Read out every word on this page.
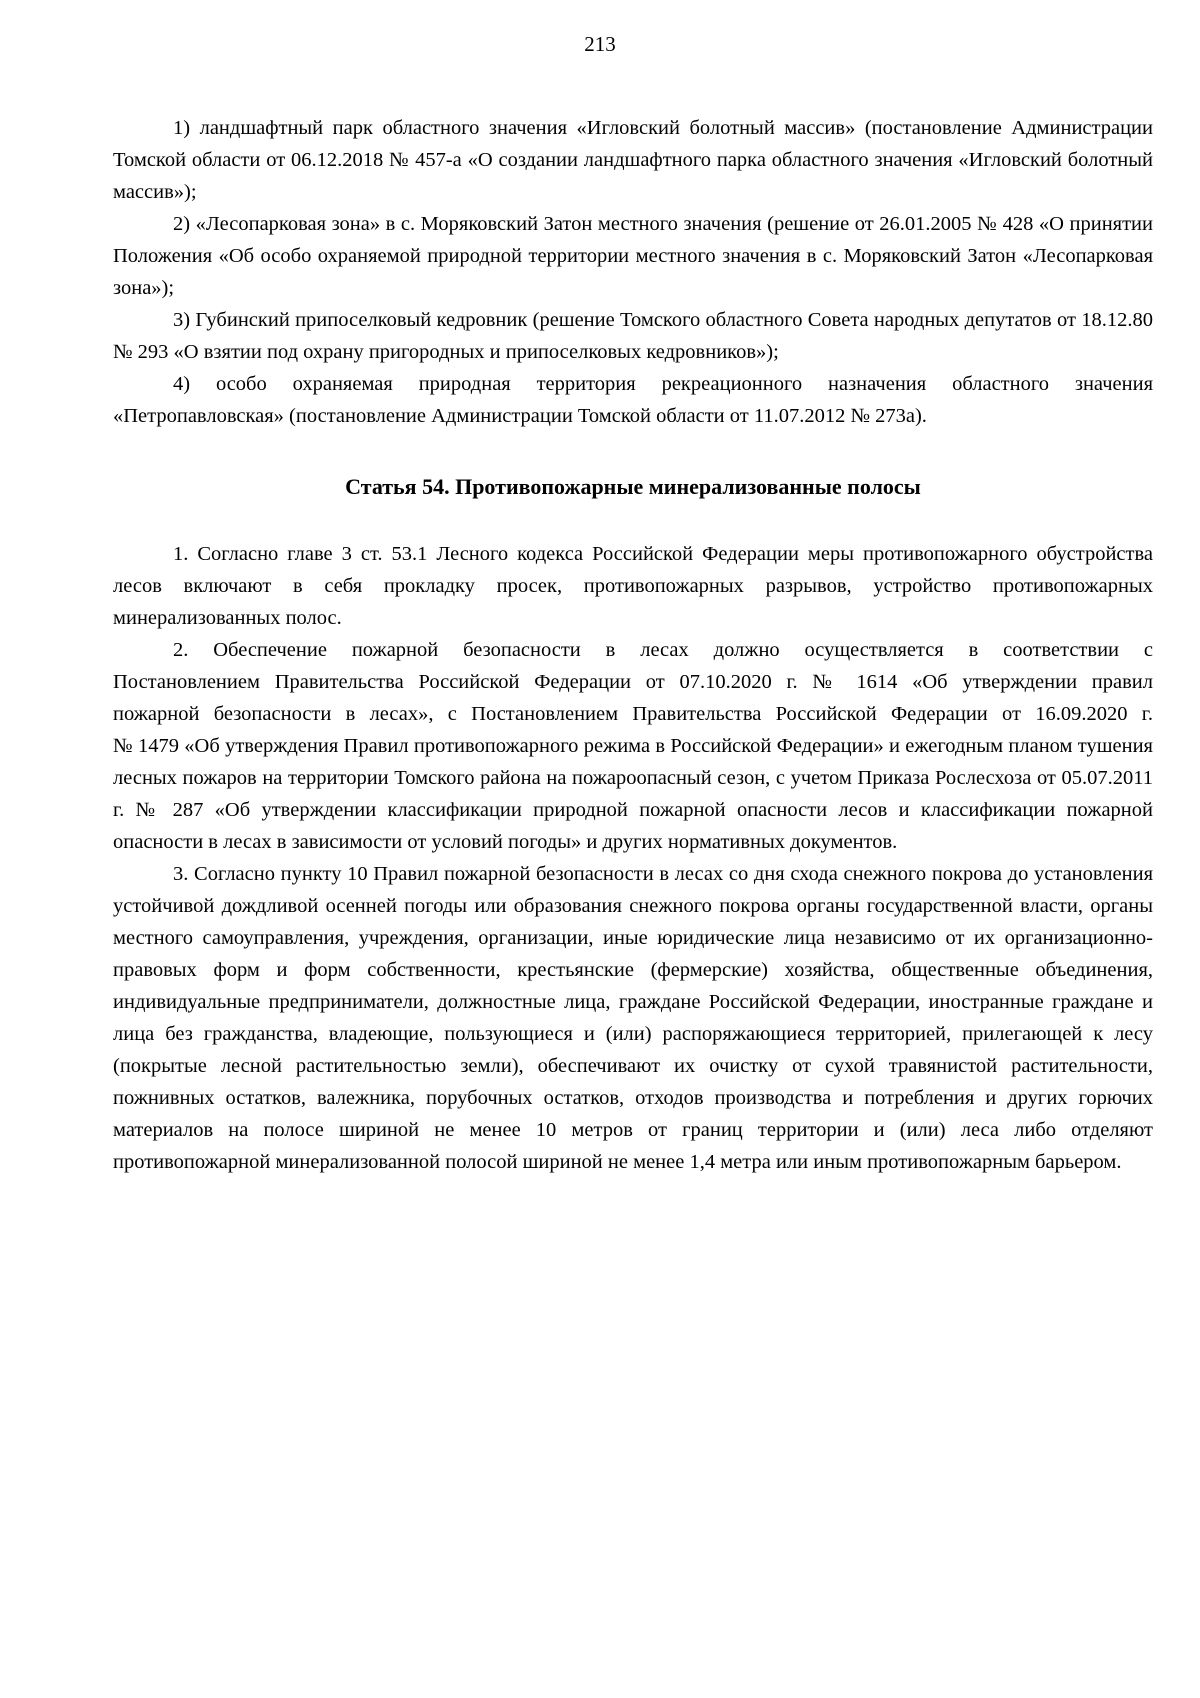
213

1) ландшафтный парк областного значения «Игловский болотный массив» (постановление Администрации Томской области от 06.12.2018 № 457-а «О создании ландшафтного парка областного значения «Игловский болотный массив»);

2) «Лесопарковая зона» в с. Моряковский Затон местного значения (решение от 26.01.2005 № 428 «О принятии Положения «Об особо охраняемой природной территории местного значения в с. Моряковский Затон «Лесопарковая зона»);

3) Губинский припоселковый кедровник (решение Томского областного Совета народных депутатов от 18.12.80 № 293 «О взятии под охрану пригородных и припоселковых кедровников»);

4) особо охраняемая природная территория рекреационного назначения областного значения «Петропавловская» (постановление Администрации Томской области от 11.07.2012 № 273а).

Статья 54. Противопожарные минерализованные полосы

1. Согласно главе 3 ст. 53.1 Лесного кодекса Российской Федерации меры противопожарного обустройства лесов включают в себя прокладку просек, противопожарных разрывов, устройство противопожарных минерализованных полос.

2. Обеспечение пожарной безопасности в лесах должно осуществляется в соответствии с
Постановлением Правительства Российской Федерации от 07.10.2020 г. № 1614 «Об утверждении правил
пожарной безопасности в лесах», с Постановлением Правительства Российской Федерации от 16.09.2020 г.
№ 1479 «Об утверждения Правил противопожарного режима в Российской Федерации» и ежегодным планом тушения лесных пожаров на территории Томского района на пожароопасный сезон, с учетом Приказа Рослесхоза от 05.07.2011 г. № 287 «Об утверждении классификации природной пожарной опасности лесов и классификации пожарной опасности в лесах в зависимости от условий погоды» и других нормативных документов.

3. Согласно пункту 10 Правил пожарной безопасности в лесах со дня схода снежного покрова до установления устойчивой дождливой осенней погоды или образования снежного покрова органы государственной власти, органы местного самоуправления, учреждения, организации, иные юридические лица независимо от их организационно-правовых форм и форм собственности, крестьянские (фермерские) хозяйства, общественные объединения, индивидуальные предприниматели, должностные лица, граждане Российской Федерации, иностранные граждане и лица без гражданства, владеющие, пользующиеся и (или) распоряжающиеся территорией, прилегающей к лесу (покрытые лесной растительностью земли), обеспечивают их очистку от сухой травянистой растительности, пожнивных остатков, валежника, порубочных остатков, отходов производства и потребления и других горючих материалов на полосе шириной не менее 10 метров от границ территории и (или) леса либо отделяют противопожарной минерализованной полосой шириной не менее 1,4 метра или иным противопожарным барьером.
